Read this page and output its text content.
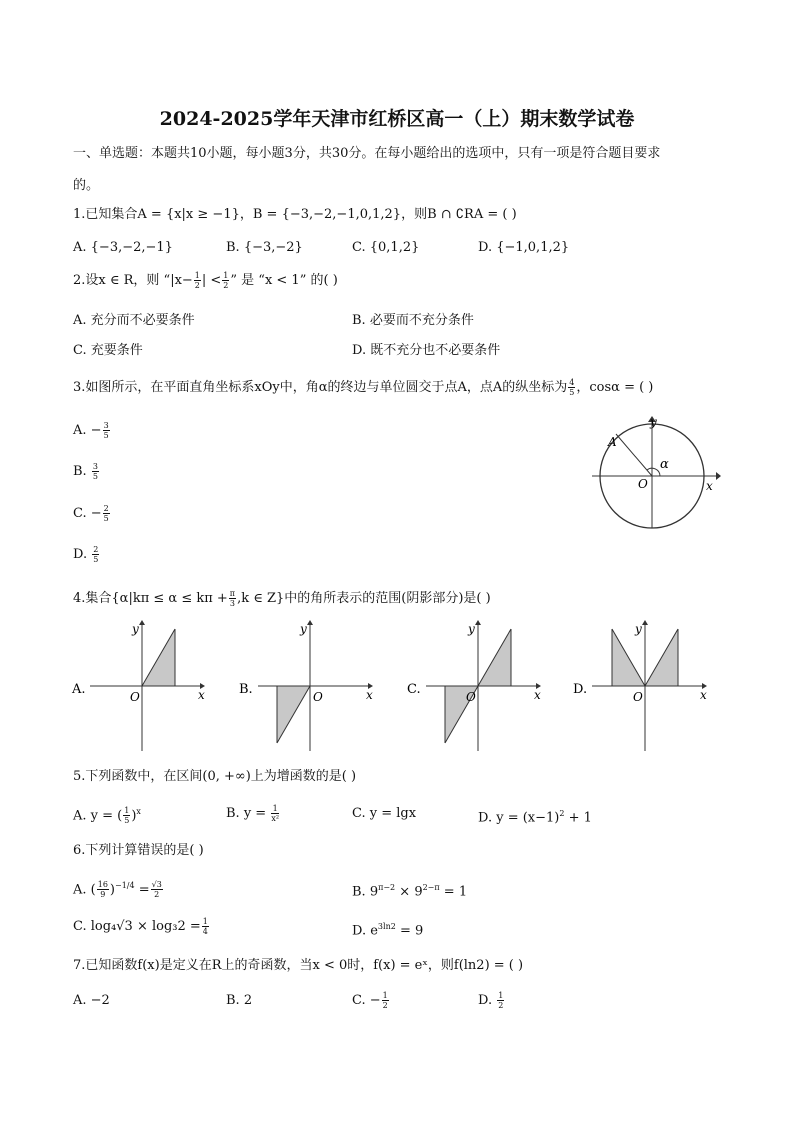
2024-2025学年天津市红桥区高一（上）期末数学试卷
一、单选题：本题共10小题，每小题3分，共30分。在每小题给出的选项中，只有一项是符合题目要求
的。
1.已知集合A = {x|x ≥ −1}，B = {−3,−2,−1,0,1,2}，则B ∩ ∁RA = ( )
A. {−3,−2,−1}	B. {−3,−2}	C. {0,1,2}	D. {−1,0,1,2}
2.设x ∈ R，则 “$|x- \frac{1}{2}$ | < $\frac{1}{2}$ ” 是 “x < 1” 的( )
A. 充分而不必要条件	B. 必要而不充分条件
C. 充要条件	D. 既不充分也不必要条件
3.如图所示，在平面直角坐标系xOy中，角α的终边与单位圆交于点A，点A的纵坐标为 $\frac{4}{5}$ ，cosα = ( )
A. − $\frac{3}{5}$
B. $\frac{3}{5}$
C. − $\frac{2}{5}$
D. $\frac{2}{5}$
y
x
A
α
O
4.集合{$\alpha|k\pi \le \alpha \le k\pi + \frac{\pi}{3} ,k$ ∈ Z}中的角所表示的范围(阴影部分)是( )
A.
y
x
O	B.
y
x
O	C.
y
x
O	D.
y
x
O
5.下列函数中，在区间(0, +∞)上为增函数的是( )
A. y = ( $\frac{1}{5} )^x$	B. $y = \frac{1}{\text{x²}}$	C. y = lgx	D. $y = (x-1)^2 + 1$
6.下列计算错误的是( )
A. ( $\frac{16}{9} )^{-1/4} = \frac{√3}{2}$	B. $9^{\pi-2} \times 9^{2-\pi} = 1$
C. $\log_4√3 \times \log_32 = \frac{1}{4}$	D. $e^{3ln2} = 9$
7.已知函数f(x)是定义在R上的奇函数，当x < 0时，f(x) = eˣ，则f(ln2) = ( )
A. −2	B. 2	C. − $\frac{1}{2}$	D. $\frac{1}{2}$
